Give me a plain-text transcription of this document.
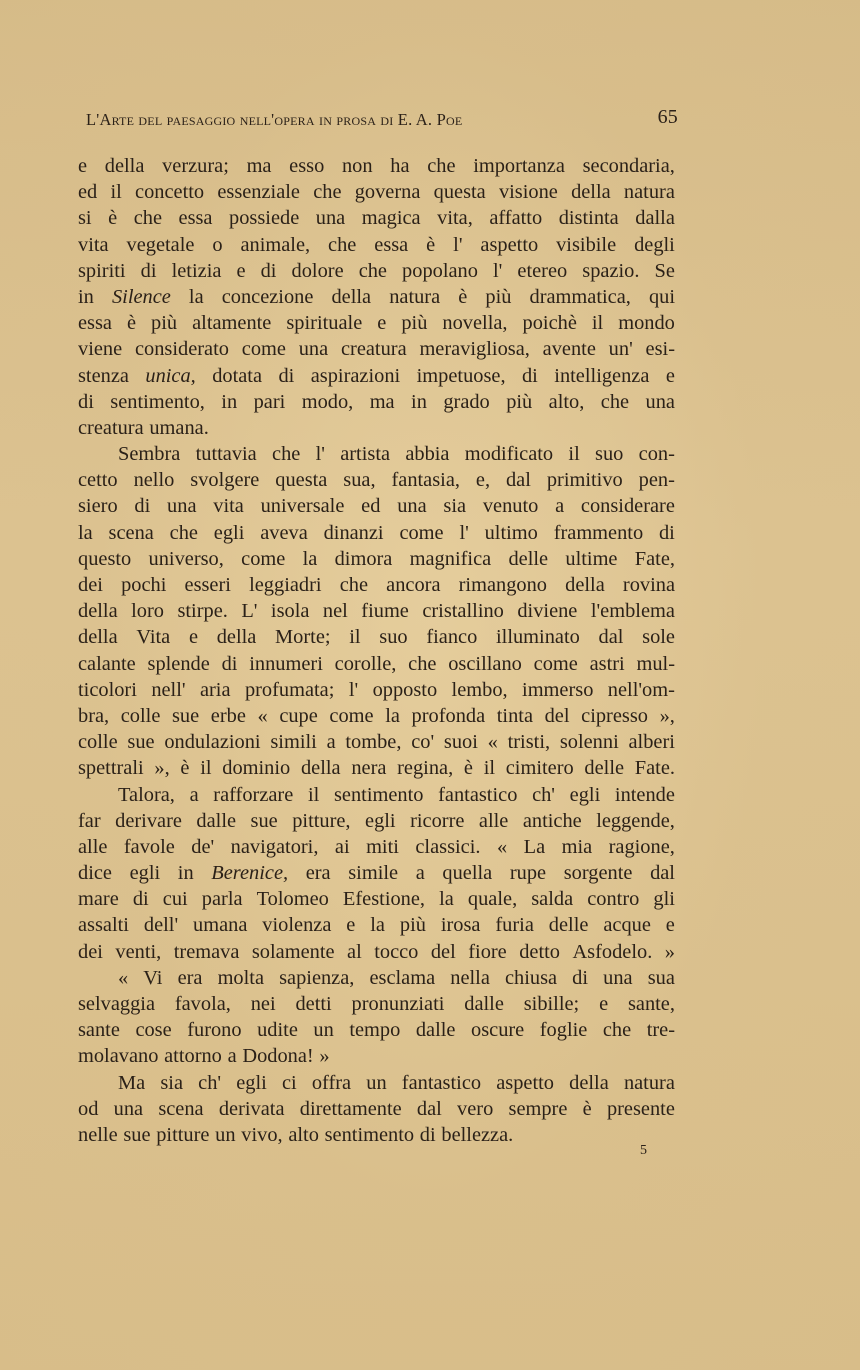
L'Arte del paesaggio nell'opera in prosa di E. A. Poe	65
e della verzura; ma esso non ha che importanza secondaria,
ed il concetto essenziale che governa questa visione della natura
si è che essa possiede una magica vita, affatto distinta dalla
vita vegetale o animale, che essa è l' aspetto visibile degli
spiriti di letizia e di dolore che popolano l' etereo spazio. Se
in Silence la concezione della natura è più drammatica, qui
essa è più altamente spirituale e più novella, poichè il mondo
viene considerato come una creatura meravigliosa, avente un' esi-
stenza unica, dotata di aspirazioni impetuose, di intelligenza e
di sentimento, in pari modo, ma in grado più alto, che una
creatura umana.
Sembra tuttavia che l' artista abbia modificato il suo con-
cetto nello svolgere questa sua, fantasia, e, dal primitivo pen-
siero di una vita universale ed una sia venuto a considerare
la scena che egli aveva dinanzi come l' ultimo frammento di
questo universo, come la dimora magnifica delle ultime Fate,
dei pochi esseri leggiadri che ancora rimangono della rovina
della loro stirpe. L' isola nel fiume cristallino diviene l'emblema
della Vita e della Morte; il suo fianco illuminato dal sole
calante splende di innumeri corolle, che oscillano come astri mul-
ticolori nell' aria profumata; l' opposto lembo, immerso nell'om-
bra, colle sue erbe « cupe come la profonda tinta del cipresso »,
colle sue ondulazioni simili a tombe, co' suoi « tristi, solenni alberi
spettrali », è il dominio della nera regina, è il cimitero delle Fate.
Talora, a rafforzare il sentimento fantastico ch' egli intende
far derivare dalle sue pitture, egli ricorre alle antiche leggende,
alle favole de' navigatori, ai miti classici. « La mia ragione,
dice egli in Berenice, era simile a quella rupe sorgente dal
mare di cui parla Tolomeo Efestione, la quale, salda contro gli
assalti dell' umana violenza e la più irosa furia delle acque e
dei venti, tremava solamente al tocco del fiore detto Asfodelo. »
« Vi era molta sapienza, esclama nella chiusa di una sua
selvaggia favola, nei detti pronunziati dalle sibille; e sante,
sante cose furono udite un tempo dalle oscure foglie che tre-
molavano attorno a Dodona! »
Ma sia ch' egli ci offra un fantastico aspetto della natura
od una scena derivata direttamente dal vero sempre è presente
nelle sue pitture un vivo, alto sentimento di bellezza.
5
